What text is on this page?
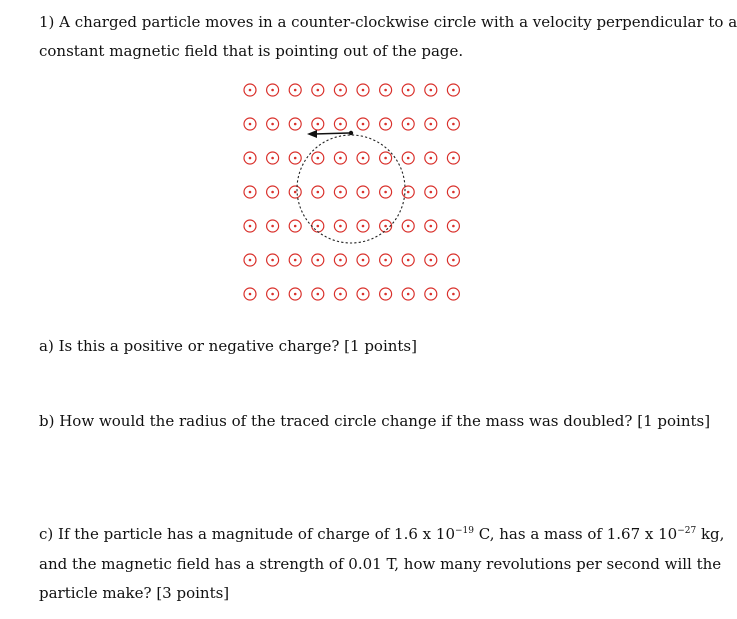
1) A charged particle moves in a counter-clockwise circle with a velocity perpendicular to a
constant magnetic field that is pointing out of the page.
a) Is this a positive or negative charge? [1 points]
b) How would the radius of the traced circle change if the mass was doubled? [1 points]
c) If the particle has a magnitude of charge of 1.6 x $10^{-19}$ C, has a mass of 1.67 x $10^{-27}$ kg,
and the magnetic field has a strength of 0.01 T, how many revolutions per second will the
particle make? [3 points]
